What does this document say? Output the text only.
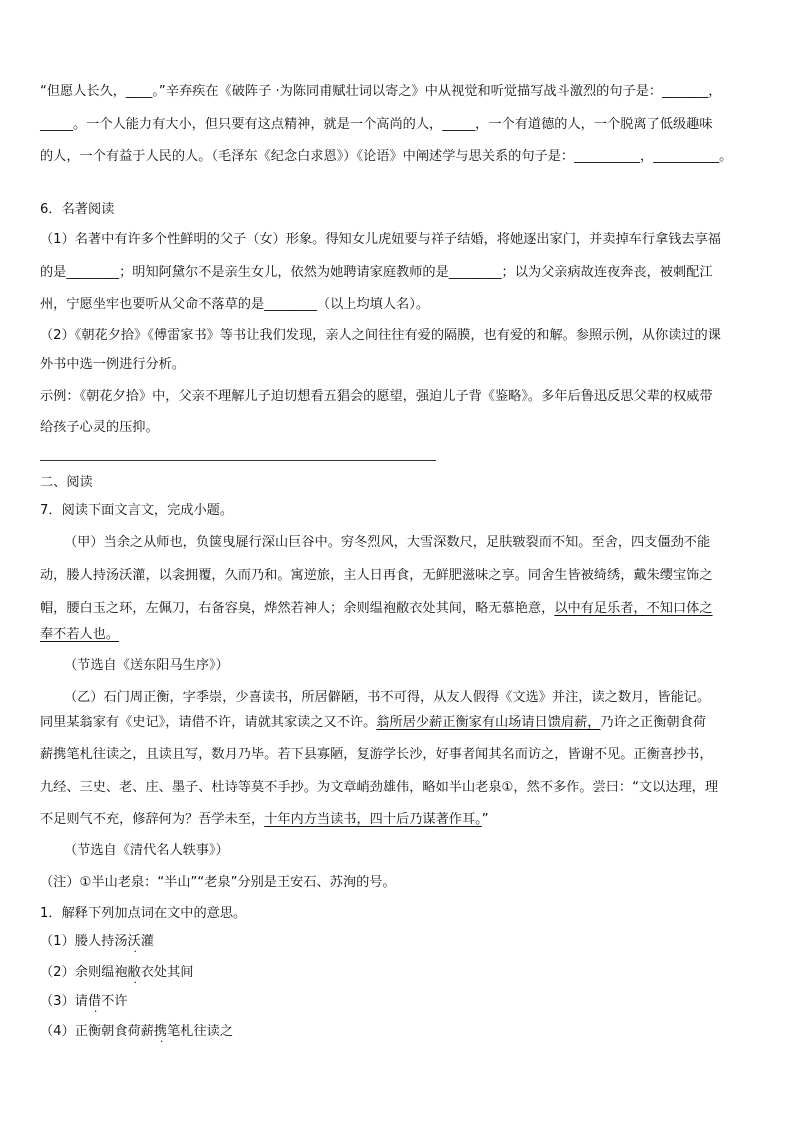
“但愿人长久，____。”辛弃疾在《破阵子 ·为陈同甫赋壮词以寄之》中从视觉和听觉描写战斗激烈的句子是：_______，
_____。一个人能力有大小，但只要有这点精神，就是一个高尚的人，_____，一个有道德的人，一个脱离了低级趣味
的人，一个有益于人民的人。（毛泽东《纪念白求恩》）《论语》中阐述学与思关系的句子是：__________，__________。
6．名著阅读
（1）名著中有许多个性鲜明的父子（女）形象。得知女儿虎妞要与祥子结婚，将她逐出家门，并卖掉车行拿钱去享福
的是________；明知阿黛尔不是亲生女儿，依然为她聘请家庭教师的是________；以为父亲病故连夜奔丧，被刺配江
州，宁愿坐牢也要听从父命不落草的是________（以上均填人名）。
（2）《朝花夕拾》《傅雷家书》等书让我们发现，亲人之间往往有爱的隔膜，也有爱的和解。参照示例，从你读过的课
外书中选一例进行分析。
示例：《朝花夕拾》中，父亲不理解儿子迫切想看五猖会的愿望，强迫儿子背《鉴略》。多年后鲁迅反思父辈的权威带
给孩子心灵的压抑。
二、阅读
7．阅读下面文言文，完成小题。
（甲）当余之从师也，负箧曳屣行深山巨谷中。穷冬烈风，大雪深数尺，足肤皲裂而不知。至舍，四支僵劲不能
动，媵人持汤沃灌，以衾拥覆，久而乃和。寓逆旅，主人日再食，无鲜肥滋味之享。同舍生皆被绮绣，戴朱缨宝饰之
帽，腰白玉之环，左佩刀，右备容臭，烨然若神人；余则缊袍敝衣处其间，略无慕艳意，以中有足乐者，不知口体之
奉不若人也。
（节选自《送东阳马生序》）
（乙）石门周正衡，字季崇，少喜读书，所居僻陋，书不可得，从友人假得《文选》并注，读之数月，皆能记。
同里某翁家有《史记》，请借不许，请就其家读之又不许。翁所居少薪正衡家有山场请日馈肩薪，乃许之正衡朝食荷
薪携笔札往读之，且读且写，数月乃毕。若下县寡陋，复游学长沙，好事者闻其名而访之，皆谢不见。正衡喜抄书，
九经、三史、老、庄、墨子、杜诗等莫不手抄。为文章峭劲雄伟，略如半山老泉①，然不多作。尝曰：“文以达理，理
不足则气不充，修辞何为？吾学未至，十年内方当读书，四十后乃谋著作耳。”
（节选自《清代名人轶事》）
（注）①半山老泉：“半山”“老泉”分别是王安石、苏洵的号。
1．解释下列加点词在文中的意思。
（1）媵人持汤沃灌
（2）余则缊袍敝衣处其间
（3）请借不许
（4）正衡朝食荷薪携笔札往读之
